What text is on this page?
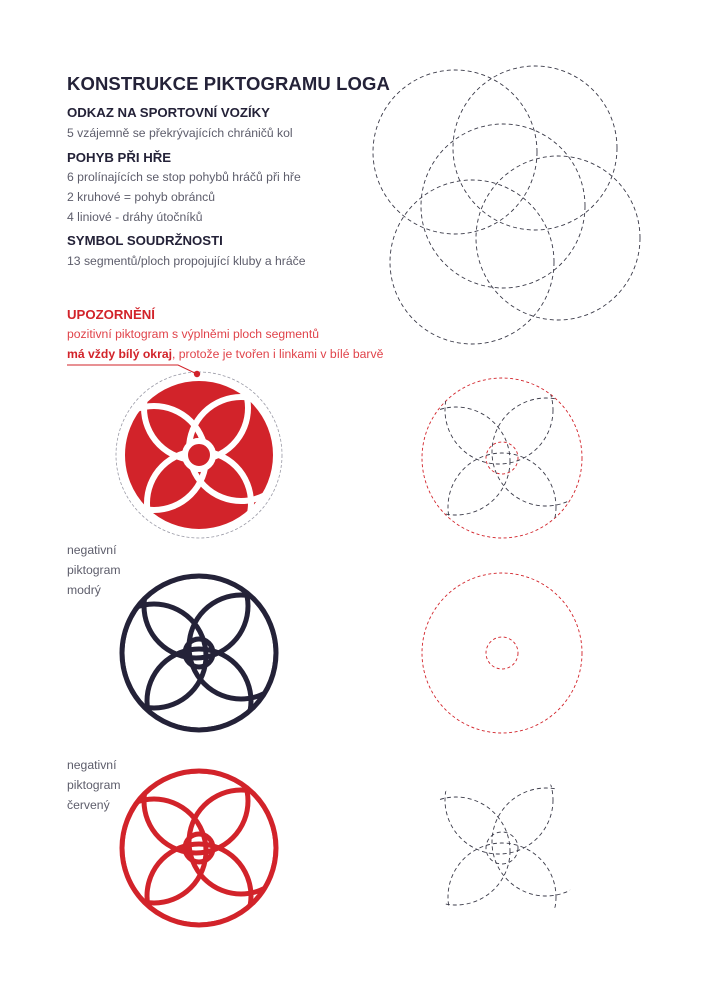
KONSTRUKCE PIKTOGRAMU LOGA
ODKAZ NA SPORTOVNÍ VOZÍKY
5 vzájemně se překrývajících chráničů kol
POHYB PŘI HŘE
6 prolínajících se stop pohybů hráčů při hře
2 kruhové = pohyb obránců
4 liniové - dráhy útočníků
SYMBOL SOUDRŽNOSTI
13 segmentů/ploch propojující kluby a hráče
UPOZORNĚNÍ
pozitivní piktogram s výplněmi ploch segmentů
má vždy bílý okraj, protože je tvořen i linkami v bílé barvě
negativní
piktogram
modrý
negativní
piktogram
červený
